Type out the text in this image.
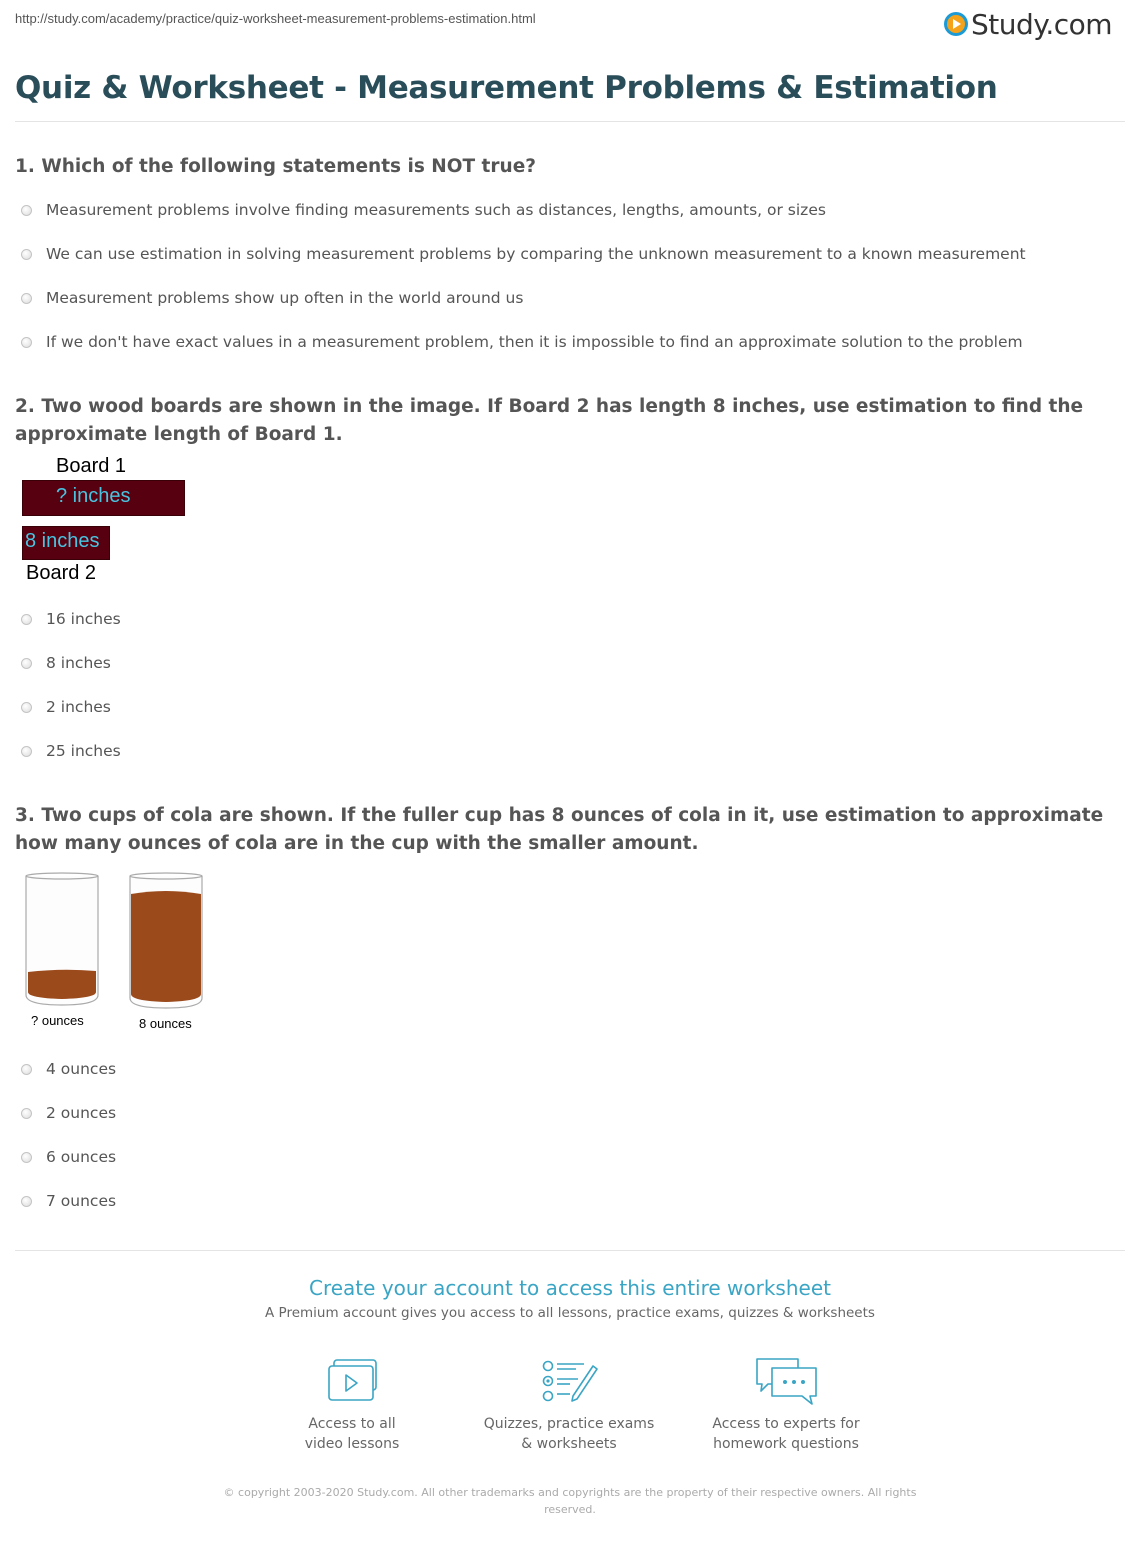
http://study.com/academy/practice/quiz-worksheet-measurement-problems-estimation.html	Study.com
Quiz & Worksheet - Measurement Problems & Estimation
1. Which of the following statements is NOT true?
Measurement problems involve finding measurements such as distances, lengths, amounts, or sizes
We can use estimation in solving measurement problems by comparing the unknown measurement to a known measurement
Measurement problems show up often in the world around us
If we don't have exact values in a measurement problem, then it is impossible to find an approximate solution to the problem
2. Two wood boards are shown in the image. If Board 2 has length 8 inches, use estimation to find the approximate length of Board 1.
Board 1
? inches
8 inches
Board 2
16 inches
8 inches
2 inches
25 inches
3. Two cups of cola are shown. If the fuller cup has 8 ounces of cola in it, use estimation to approximate how many ounces of cola are in the cup with the smaller amount.
? ounces	8 ounces
4 ounces
2 ounces
6 ounces
7 ounces
Create your account to access this entire worksheet
A Premium account gives you access to all lessons, practice exams, quizzes & worksheets
Access to all
video lessons
Quizzes, practice exams
& worksheets
Access to experts for
homework questions
© copyright 2003-2020 Study.com. All other trademarks and copyrights are the property of their respective owners. All rights reserved.
